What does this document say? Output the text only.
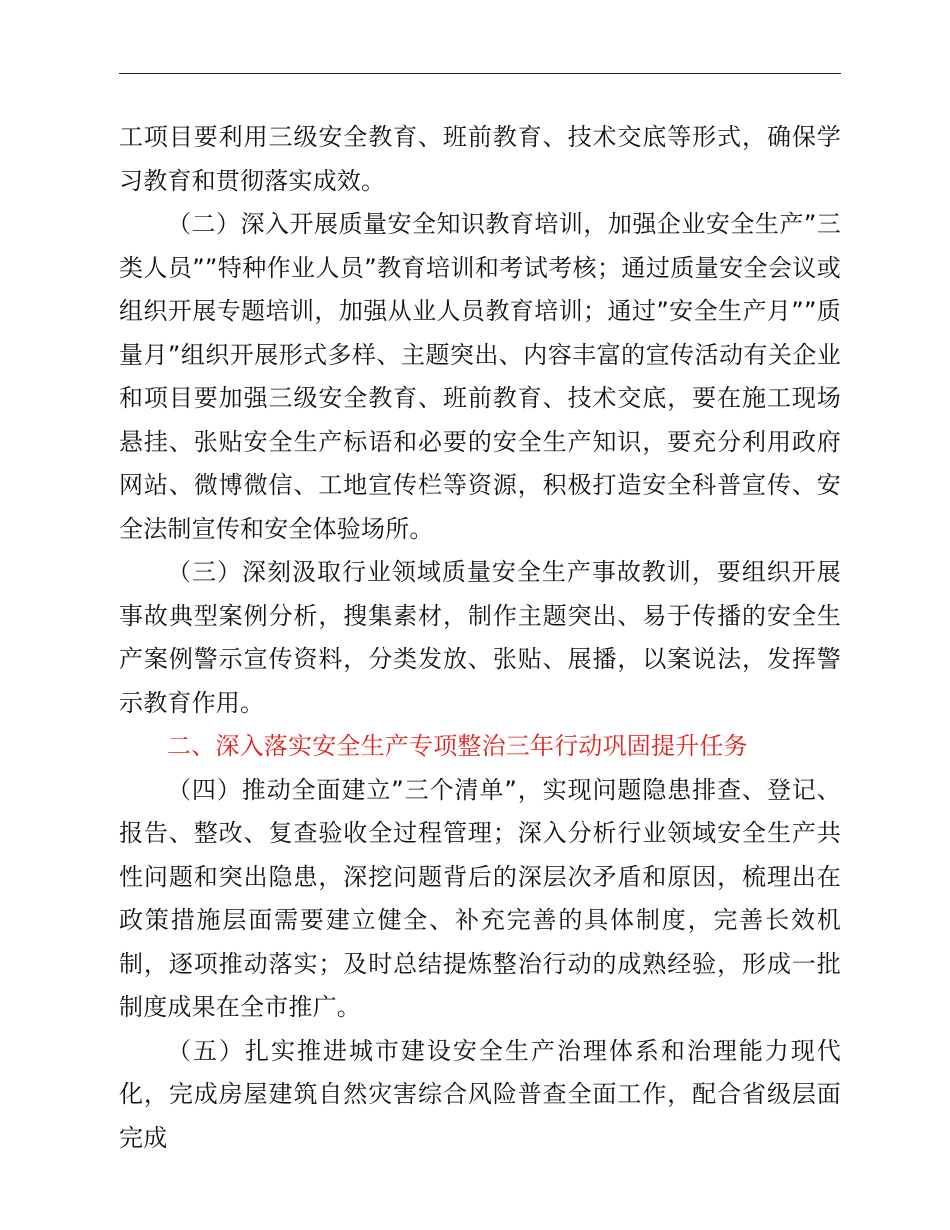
工项目要利用三级安全教育、班前教育、技术交底等形式，确保学习教育和贯彻落实成效。

（二）深入开展质量安全知识教育培训，加强企业安全生产”三类人员””特种作业人员”教育培训和考试考核；通过质量安全会议或组织开展专题培训，加强从业人员教育培训；通过”安全生产月””质量月”组织开展形式多样、主题突出、内容丰富的宣传活动有关企业和项目要加强三级安全教育、班前教育、技术交底，要在施工现场悬挂、张贴安全生产标语和必要的安全生产知识，要充分利用政府网站、微博微信、工地宣传栏等资源，积极打造安全科普宣传、安全法制宣传和安全体验场所。

（三）深刻汲取行业领域质量安全生产事故教训，要组织开展事故典型案例分析，搜集素材，制作主题突出、易于传播的安全生产案例警示宣传资料，分类发放、张贴、展播，以案说法，发挥警示教育作用。

二、深入落实安全生产专项整治三年行动巩固提升任务

（四）推动全面建立”三个清单”，实现问题隐患排查、登记、报告、整改、复查验收全过程管理；深入分析行业领域安全生产共性问题和突出隐患，深挖问题背后的深层次矛盾和原因，梳理出在政策措施层面需要建立健全、补充完善的具体制度，完善长效机制，逐项推动落实；及时总结提炼整治行动的成熟经验，形成一批制度成果在全市推广。

（五）扎实推进城市建设安全生产治理体系和治理能力现代化，完成房屋建筑自然灾害综合风险普查全面工作，配合省级层面完成
